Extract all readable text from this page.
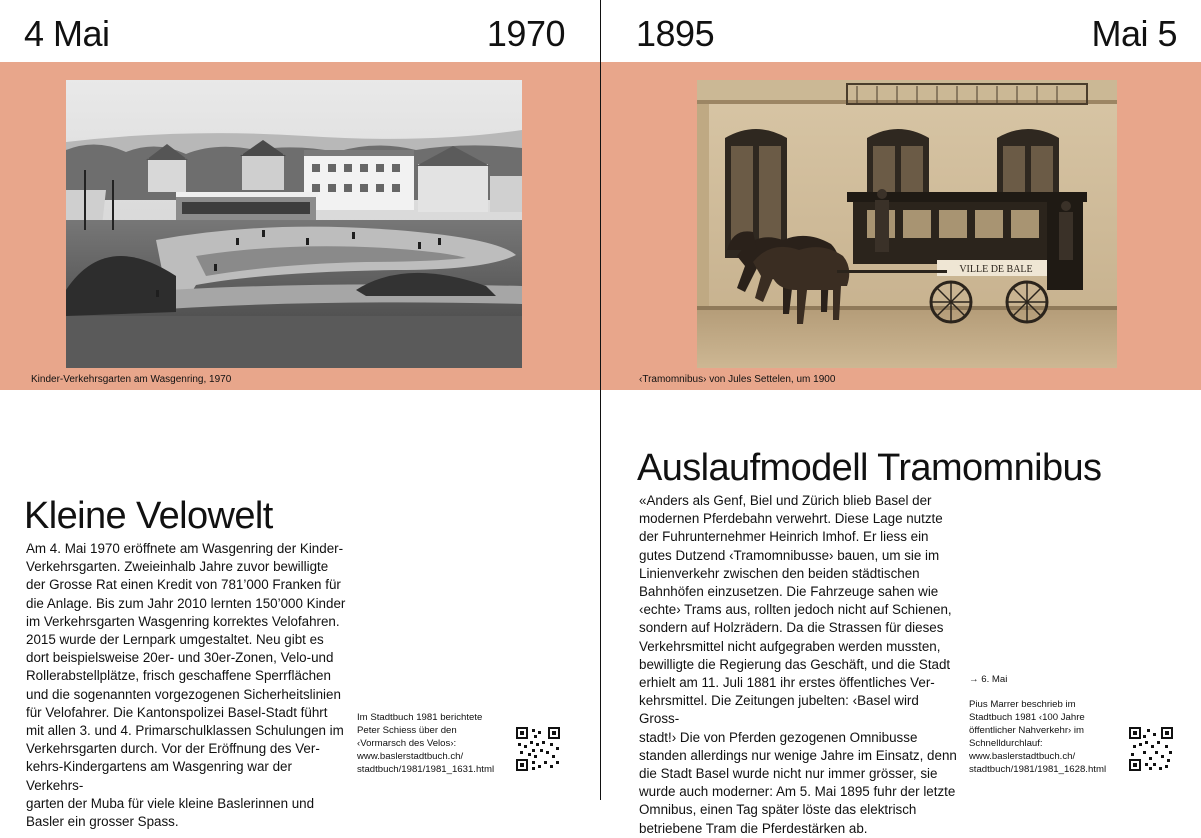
4 Mai	1970
Kinder-Verkehrsgarten am Wasgenring, 1970
Kleine Velowelt

Am 4. Mai 1970 eröffnete am Wasgenring der Kinder-

Verkehrsgarten. Zweieinhalb Jahre zuvor bewilligte

der Grosse Rat einen Kredit von 781’000 Franken für

die Anlage. Bis zum Jahr 2010 lernten 150’000 Kinder

im Verkehrsgarten Wasgenring korrektes Velofahren.

2015 wurde der Lernpark umgestaltet. Neu gibt es

dort beispielsweise 20er- und 30er-Zonen, Velo-und

Rollerabstellplätze, frisch geschaffene Sperrflächen

und die sogenannten vorgezogenen Sicherheitslinien

für Velofahrer. Die Kantonspolizei Basel-Stadt führt

mit allen 3. und 4. Primarschulklassen Schulungen im

Verkehrsgarten durch. Vor der Eröffnung des Ver-

kehrs-Kindergartens am Wasgenring war der Verkehrs-

garten der Muba für viele kleine Baslerinnen und

Basler ein grosser Spass.

Im Stadtbuch 1981 berichtete
Peter Schiess über den
‹Vormarsch des Velos›:
www.baslerstadtbuch.ch/
stadtbuch/1981/1981_1631.html
1895	Mai 5
VILLE DE BALE
‹Tramomnibus› von Jules Settelen, um 1900
Auslaufmodell Tramomnibus

«Anders als Genf, Biel und Zürich blieb Basel der

modernen Pferdebahn verwehrt. Diese Lage nutzte

der Fuhrunternehmer Heinrich Imhof. Er liess ein

gutes Dutzend ‹Tramomnibusse› bauen, um sie im

Linienverkehr zwischen den beiden städtischen

Bahnhöfen einzusetzen. Die Fahrzeuge sahen wie

‹echte› Trams aus, rollten jedoch nicht auf Schienen,

sondern auf Holzrädern. Da die Strassen für dieses

Verkehrsmittel nicht aufgegraben werden mussten,

bewilligte die Regierung das Geschäft, und die Stadt

erhielt am 11. Juli 1881 ihr erstes öffentliches Ver-

kehrsmittel. Die Zeitungen jubelten: ‹Basel wird Gross-

stadt!› Die von Pferden gezogenen Omnibusse

standen allerdings nur wenige Jahre im Einsatz, denn

die Stadt Basel wurde nicht nur immer grösser, sie

wurde auch moderner: Am 5. Mai 1895 fuhr der letzte

Omnibus, einen Tag später löste das elektrisch

betriebene Tram die Pferdestärken ab.

→ 6. Mai
Pius Marrer beschrieb im
Stadtbuch 1981 ‹100 Jahre
öffentlicher Nahverkehr› im
Schnelldurchlauf:
www.baslerstadtbuch.ch/
stadtbuch/1981/1981_1628.html
